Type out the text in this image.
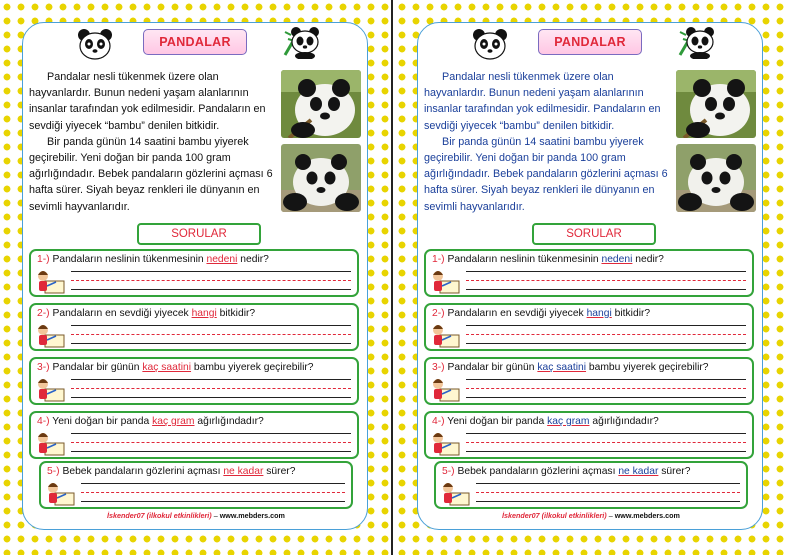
PANDALAR

Pandalar nesli tükenmek üzere olan hayvanlardır. Bunun nedeni yaşam alanlarının insanlar tarafından yok edilmesidir. Pandaların en sevdiği yiyecek “bambu” denilen bitkidir.

Bir panda günün 14 saatini bambu yiyerek geçirebilir. Yeni doğan bir panda 100 gram ağırlığındadır. Bebek pandaların gözlerini açması 6 hafta sürer. Siyah beyaz renkleri ile dünyanın en sevimli hayvanlarıdır.

SORULAR
1-) Pandaların neslinin tükenmesinin nedeni nedir?
2-) Pandaların en sevdiği yiyecek hangi bitkidir?
3-) Pandalar bir günün kaç saatini bambu yiyerek geçirebilir?
4-) Yeni doğan bir panda kaç gram ağırlığındadır?
5-) Bebek pandaların gözlerini açması ne kadar sürer?
İskender07 (ilkokul etkinlikleri) – www.mebders.com
PANDALAR

Pandalar nesli tükenmek üzere olan hayvanlardır. Bunun nedeni yaşam alanlarının insanlar tarafından yok edilmesidir. Pandaların en sevdiği yiyecek “bambu” denilen bitkidir.

Bir panda günün 14 saatini bambu yiyerek geçirebilir. Yeni doğan bir panda 100 gram ağırlığındadır. Bebek pandaların gözlerini açması 6 hafta sürer. Siyah beyaz renkleri ile dünyanın en sevimli hayvanlarıdır.

SORULAR
1-) Pandaların neslinin tükenmesinin nedeni nedir?
2-) Pandaların en sevdiği yiyecek hangi bitkidir?
3-) Pandalar bir günün kaç saatini bambu yiyerek geçirebilir?
4-) Yeni doğan bir panda kaç gram ağırlığındadır?
5-) Bebek pandaların gözlerini açması ne kadar sürer?
İskender07 (ilkokul etkinlikleri) – www.mebders.com
